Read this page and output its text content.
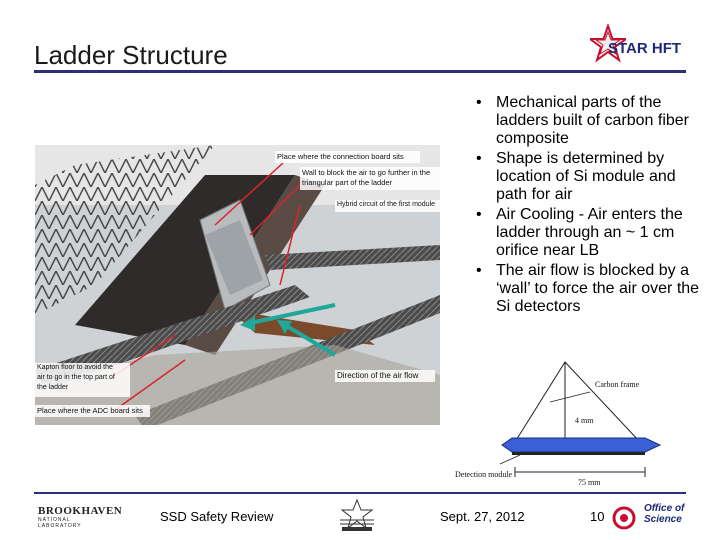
Ladder Structure	STAR HFT
Place where the connection board sits
Wall to block the air to go further in the
triangular part of the ladder
Hybrid circuit of the first module
Kapton floor to avoid the
air to go in the top part of
the ladder
Place where the ADC board sits
Direction of the air flow
• Mechanical parts of the ladders built of carbon fiber composite
• Shape is determined by location of Si module and path for air
• Air Cooling - Air enters the ladder through an ~ 1 cm orifice near LB
• The air flow is blocked by a ‘wall’ to force the air over the Si detectors
Carbon frame
4 mm
Detection module
75 mm
BROOKHAVEN
NATIONAL LABORATORY
SSD Safety Review	Sept. 27, 2012	10
Office of
Science
